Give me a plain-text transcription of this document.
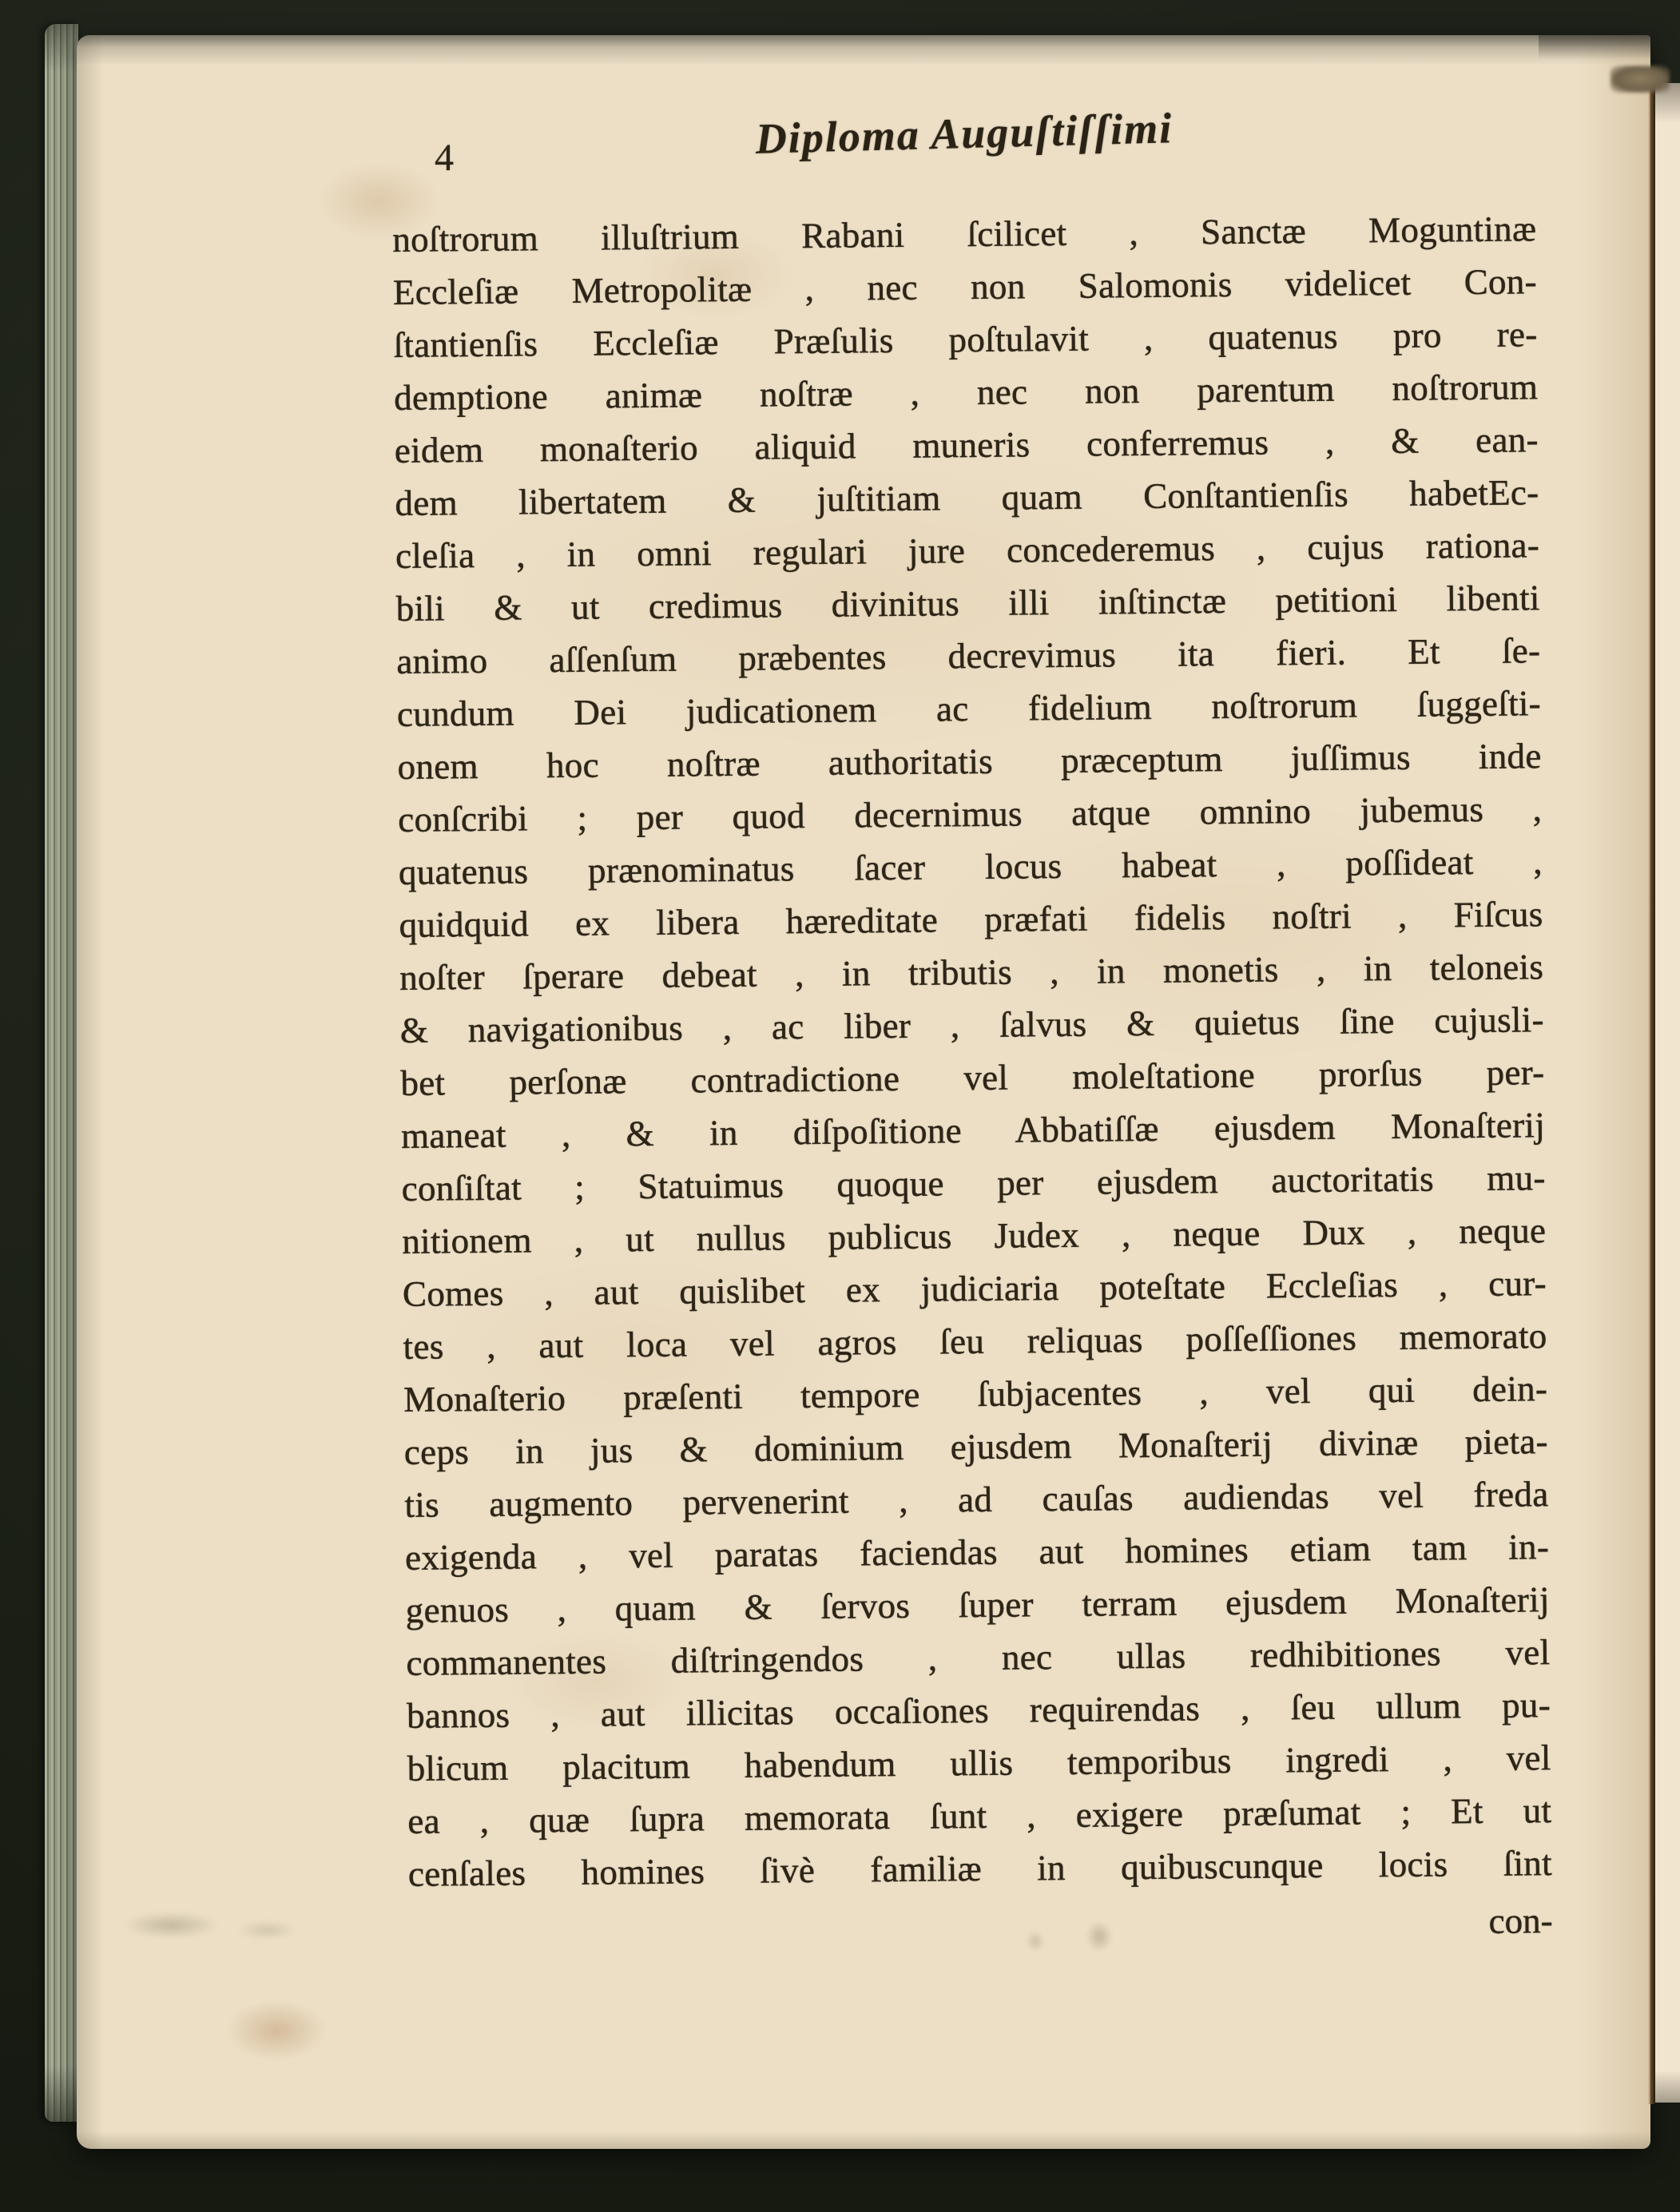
4	Diploma Auguſtiſſimi
noſtrorum illuſtrium Rabani ſcilicet , Sanctæ Moguntinæ
Eccleſiæ Metropolitæ , nec non Salomonis videlicet Con-
ſtantienſis Eccleſiæ Præſulis poſtulavit , quatenus pro re-
demptione animæ noſtræ , nec non parentum noſtrorum
eidem monaſterio aliquid muneris conferremus , & ean-
dem libertatem & juſtitiam quam Conſtantienſis habetEc-
cleſia , in omni regulari jure concederemus , cujus rationa-
bili & ut credimus divinitus illi inſtinctæ petitioni libenti
animo aſſenſum præbentes decrevimus ita fieri. Et ſe-
cundum Dei judicationem ac fidelium noſtrorum ſuggeſti-
onem hoc noſtræ authoritatis præceptum juſſimus inde
conſcribi ; per quod decernimus atque omnino jubemus ,
quatenus prænominatus ſacer locus habeat , poſſideat ,
quidquid ex libera hæreditate præfati fidelis noſtri , Fiſcus
noſter ſperare debeat , in tributis , in monetis , in teloneis
& navigationibus , ac liber , ſalvus & quietus ſine cujusli-
bet perſonæ contradictione vel moleſtatione prorſus per-
maneat , & in diſpoſitione Abbatiſſæ ejusdem Monaſterij
conſiſtat ; Statuimus quoque per ejusdem auctoritatis mu-
nitionem , ut nullus publicus Judex , neque Dux , neque
Comes , aut quislibet ex judiciaria poteſtate Eccleſias , cur-
tes , aut loca vel agros ſeu reliquas poſſeſſiones memorato
Monaſterio præſenti tempore ſubjacentes , vel qui dein-
ceps in jus & dominium ejusdem Monaſterij divinæ pieta-
tis augmento pervenerint , ad cauſas audiendas vel freda
exigenda , vel paratas faciendas aut homines etiam tam in-
genuos , quam & ſervos ſuper terram ejusdem Monaſterij
commanentes diſtringendos , nec ullas redhibitiones vel
bannos , aut illicitas occaſiones requirendas , ſeu ullum pu-
blicum placitum habendum ullis temporibus ingredi , vel
ea , quæ ſupra memorata ſunt , exigere præſumat ; Et ut
cenſales homines ſivè familiæ in quibuscunque locis ſint
con-
